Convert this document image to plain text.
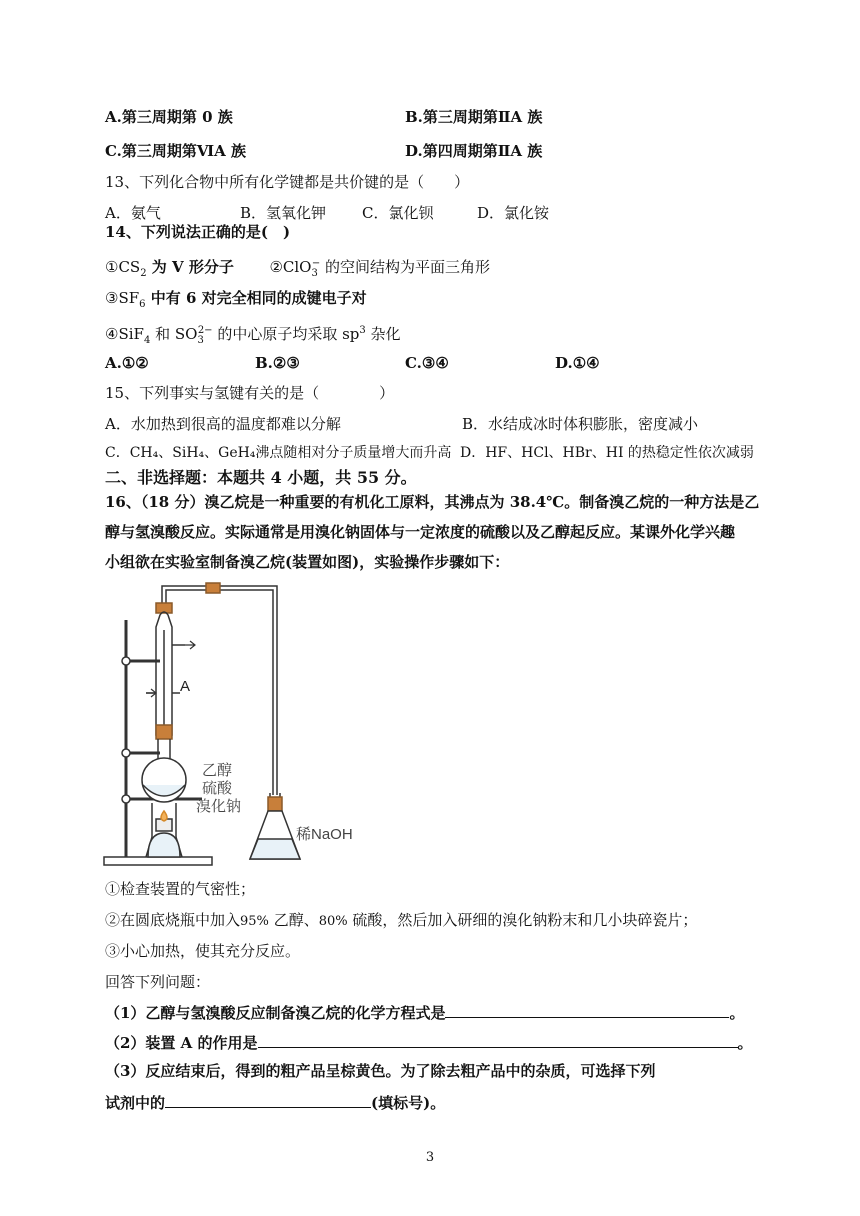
A.第三周期第 0 族	B.第三周期第ⅡA 族
C.第三周期第ⅥA 族	D.第四周期第ⅡA 族
13、下列化合物中所有化学键都是共价键的是（　　）
A．氨气	B．氢氧化钾 C．氯化钡	D．氯化铵
14、下列说法正确的是(　)
$①CS_2$ 为 V 形分子 ②ClO$_3$− 的空间结构为平面三角形
$③SF_6$ 中有 6 对完全相同的成键电子对
④SiF$_4$ 和 $SO_3^{2-}$ 的中心原子均采取 $sp^3$ 杂化
A.①②	B.②③	C.③④	D.①④
15、下列事实与氢键有关的是（　　　　）
A．水加热到很高的温度都难以分解	B．水结成冰时体积膨胀，密度减小
C．CH₄、SiH₄、GeH₄沸点随相对分子质量增大而升高 D．HF、HCl、HBr、HI 的热稳定性依次减弱
二、非选择题：本题共 4 小题，共 55 分。
16、（18 分）溴乙烷是一种重要的有机化工原料，其沸点为 38.4℃。制备溴乙烷的一种方法是乙
醇与氢溴酸反应。实际通常是用溴化钠固体与一定浓度的硫酸以及乙醇起反应。某课外化学兴趣
小组欲在实验室制备溴乙烷(装置如图)，实验操作步骤如下：
A
乙醇
硫酸
溴化钠
稀NaOH
①检查装置的气密性；
②在圆底烧瓶中加入95% 乙醇、80% 硫酸，然后加入研细的溴化钠粉末和几小块碎瓷片；
③小心加热，使其充分反应。
回答下列问题：
（1）乙醇与氢溴酸反应制备溴乙烷的化学方程式是	。
（2）装置 A 的作用是	。
（3）反应结束后，得到的粗产品呈棕黄色。为了除去粗产品中的杂质，可选择下列
试剂中的	(填标号)。
3
